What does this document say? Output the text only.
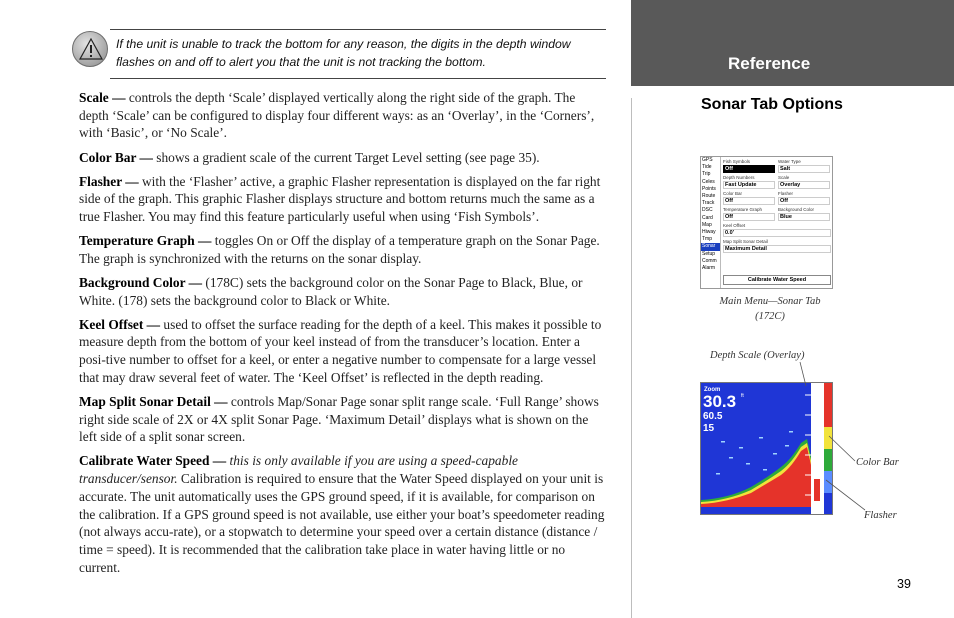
Reference
If the unit is unable to track the bottom for any reason, the digits in the depth window flashes on and off to alert you that the unit is not tracking the bottom.

Scale — controls the depth ‘Scale’ displayed vertically along the right side of the graph. The depth ‘Scale’ can be configured to display four different ways: as an ‘Overlay’, in the ‘Corners’, with ‘Basic’, or ‘No Scale’.

Color Bar — shows a gradient scale of the current Target Level setting (see page 35).

Flasher — with the ‘Flasher’ active, a graphic Flasher representation is displayed on the far right side of the graph. This graphic Flasher displays structure and bottom returns much the same as a true Flasher. You may find this feature particularly useful when using ‘Fish Symbols’.

Temperature Graph — toggles On or Off the display of a temperature graph on the Sonar Page. The graph is synchronized with the returns on the sonar display.

Background Color — (178C) sets the background color on the Sonar Page to Black, Blue, or White. (178) sets the background color to Black or White.

Keel Offset — used to offset the surface reading for the depth of a keel. This makes it possible to measure depth from the bottom of your keel instead of from the transducer’s location. Enter a posi-tive number to offset for a keel, or enter a negative number to compensate for a large vessel that may draw several feet of water. The ‘Keel Offset’ is reflected in the depth reading.

Map Split Sonar Detail — controls Map/Sonar Page sonar split range scale. ‘Full Range’ shows right side scale of 2X or 4X split Sonar Page. ‘Maximum Detail’ displays what is shown on the left side of a split sonar screen.

Calibrate Water Speed — this is only available if you are using a speed-capable transducer/sensor. Calibration is required to ensure that the Water Speed displayed on your unit is accurate. The unit automatically uses the GPS ground speed, if it is available, for comparison on the calibration. If a GPS ground speed is not available, use either your boat’s speedometer reading (not always accu-rate), or a stopwatch to determine your speed over a certain distance (distance / time = speed). It is recommended that the calibration take place in water having little or no current.

Sonar Tab Options
GPS
Tide
Trip
Celes
Points
Route
Track
DSC
Card
Map
Hiway
Tmp
Sonar
Setup
Comm
Alarm
Fish Symbols
Off
Water Type
Salt
Depth Numbers
Fast Update
Scale
Overlay
Color Bar
Off
Flasher
Off
Temperature Graph
Off
Background Color
Blue
Keel Offset
0.0’
Map Split Sonar Detail
Maximum Detail
Calibrate Water Speed
Main Menu—Sonar Tab
(172C)
Depth Scale (Overlay)
Zoom
30.3 ft
60.5
15
Color Bar
Flasher
39
